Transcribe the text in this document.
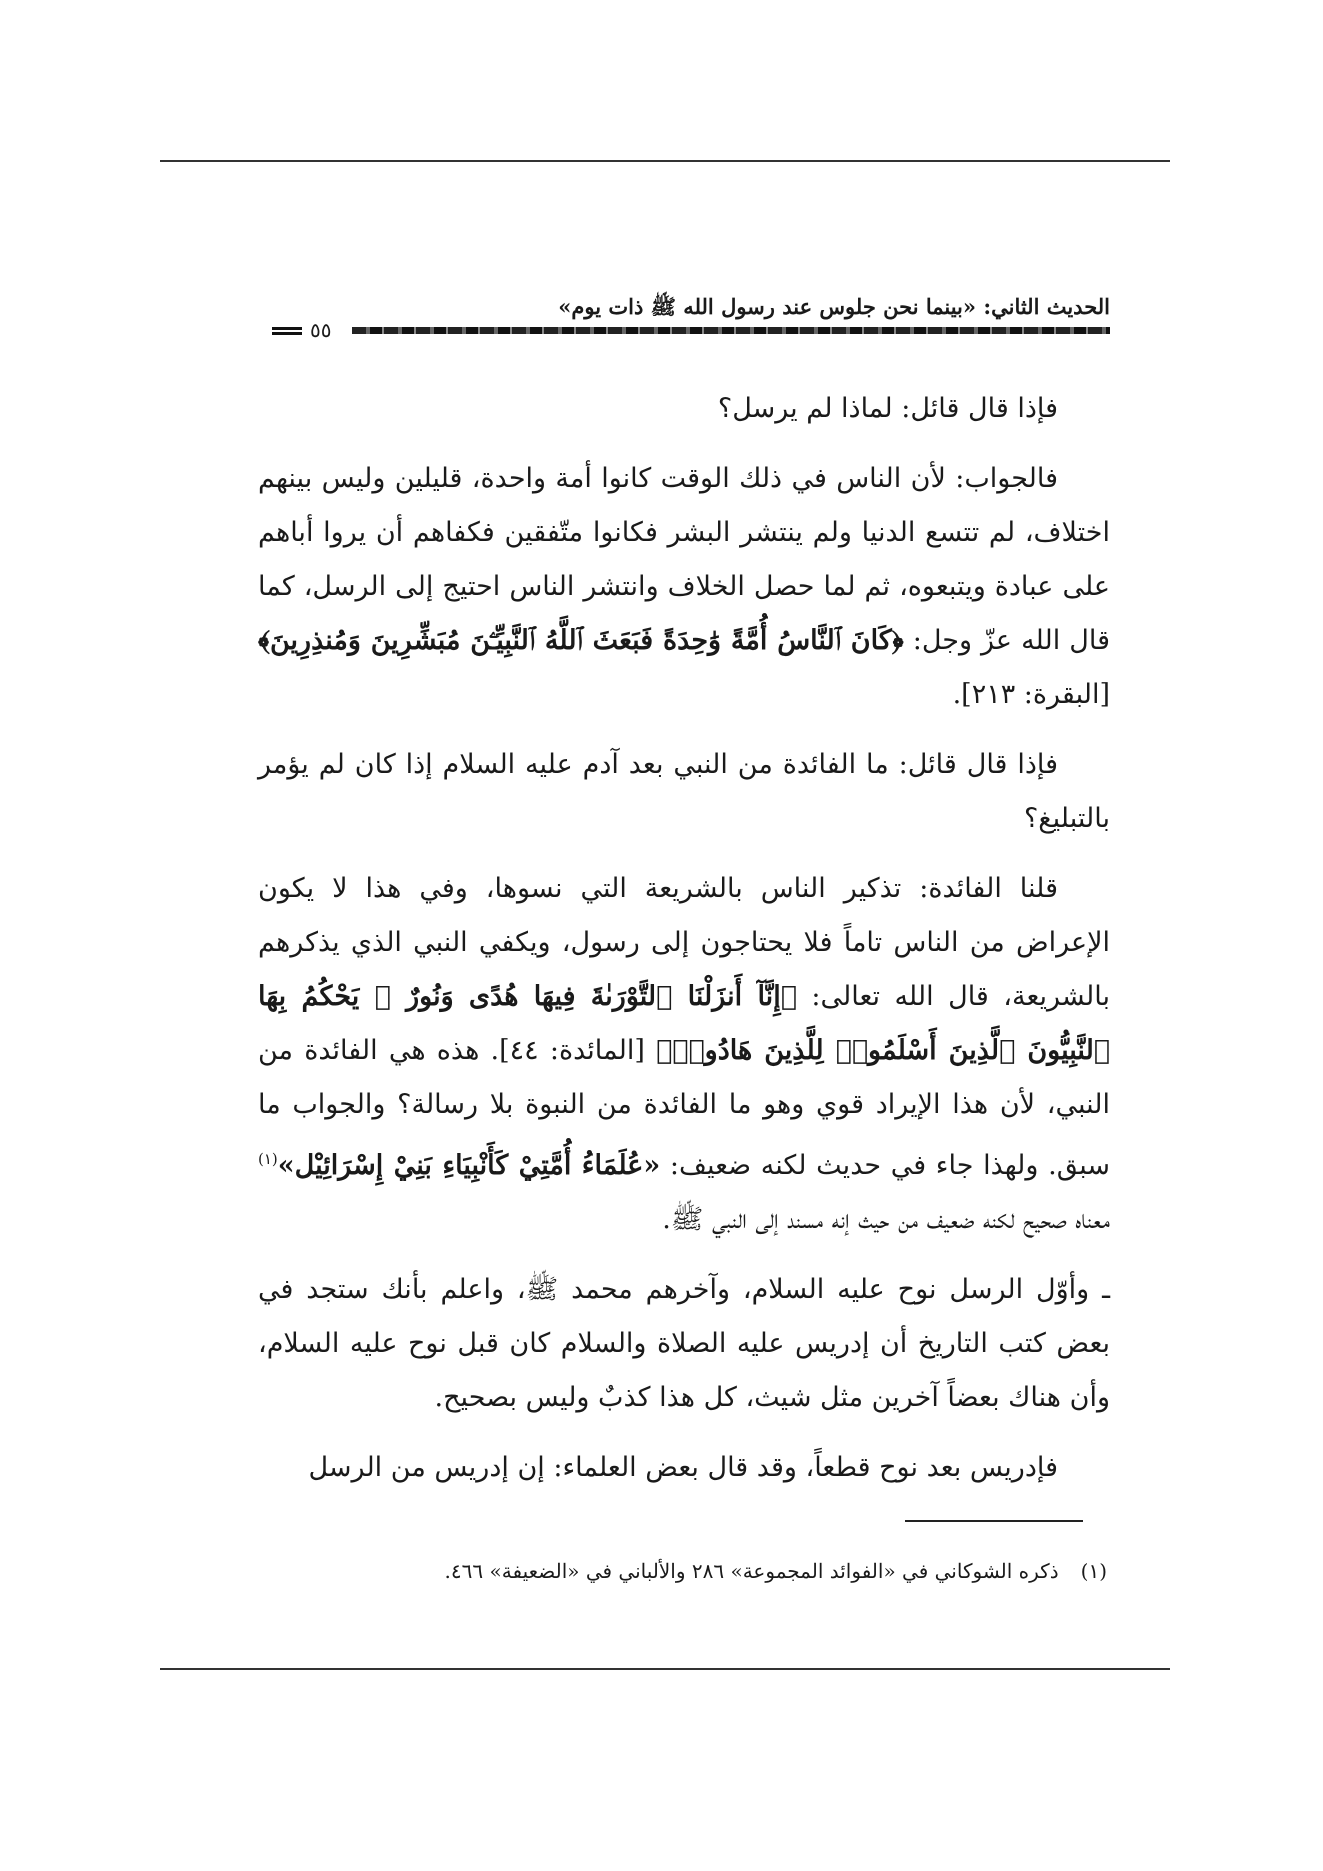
الحديث الثاني: «بينما نحن جلوس عند رسول الله ﷺ ذات يوم»
٥٥

فإذا قال قائل: لماذا لم يرسل؟

فالجواب: لأن الناس في ذلك الوقت كانوا أمة واحدة، قليلين وليس بينهم اختلاف، لم تتسع الدنيا ولم ينتشر البشر فكانوا متّفقين فكفاهم أن يروا أباهم على عبادة ويتبعوه، ثم لما حصل الخلاف وانتشر الناس احتيج إلى الرسل، كما قال الله عزّ وجل: ﴿كَانَ ٱلنَّاسُ أُمَّةً وَٰحِدَةً فَبَعَثَ ٱللَّهُ ٱلنَّبِيِّـۧنَ مُبَشِّرِينَ وَمُنذِرِينَ﴾ [البقرة: ٢١٣].

فإذا قال قائل: ما الفائدة من النبي بعد آدم عليه السلام إذا كان لم يؤمر بالتبليغ؟

قلنا الفائدة: تذكير الناس بالشريعة التي نسوها، وفي هذا لا يكون الإعراض من الناس تاماً فلا يحتاجون إلى رسول، ويكفي النبي الذي يذكرهم بالشريعة، قال الله تعالى: ﴿إِنَّآ أَنزَلْنَا ٱلتَّوْرَىٰةَ فِيهَا هُدًى وَنُورٌ ۚ يَحْكُمُ بِهَا ٱلنَّبِيُّونَ ٱلَّذِينَ أَسْلَمُوا۟ لِلَّذِينَ هَادُوا۟﴾ [المائدة: ٤٤]. هذه هي الفائدة من النبي، لأن هذا الإيراد قوي وهو ما الفائدة من النبوة بلا رسالة؟ والجواب ما سبق. ولهذا جاء في حديث لكنه ضعيف: «عُلَمَاءُ أُمَّتِيْ كَأَنْبِيَاءِ بَنِيْ إِسْرَائِيْل»$^{(١)}$ معناه صحيح لكنه ضعيف من حيث إنه مسند إلى النبي ﷺ.

ـ وأوّل الرسل نوح عليه السلام، وآخرهم محمد ﷺ، واعلم بأنك ستجد في بعض كتب التاريخ أن إدريس عليه الصلاة والسلام كان قبل نوح عليه السلام، وأن هناك بعضاً آخرين مثل شيث، كل هذا كذبٌ وليس بصحيح.

فإدريس بعد نوح قطعاً، وقد قال بعض العلماء: إن إدريس من الرسل

(١)ذكره الشوكاني في «الفوائد المجموعة» ٢٨٦ والألباني في «الضعيفة» ٤٦٦.
